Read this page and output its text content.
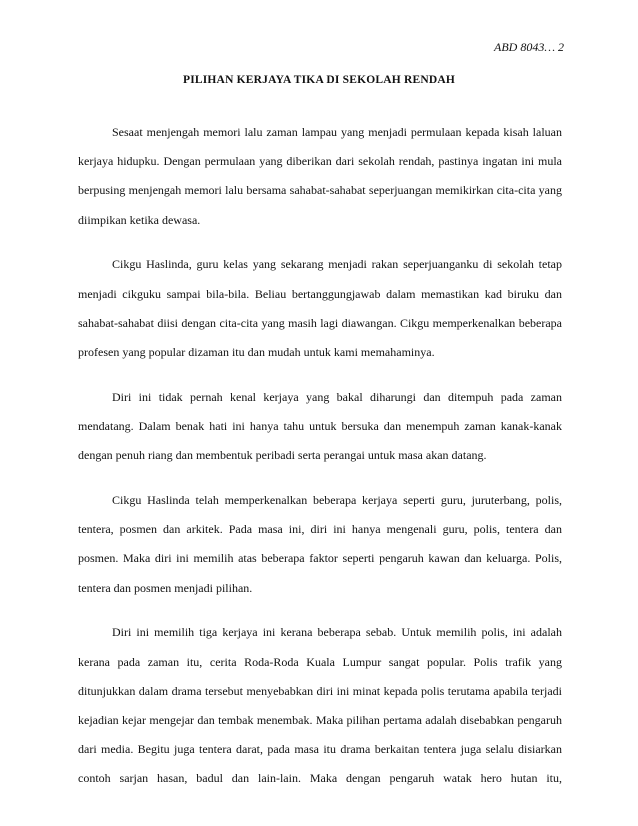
ABD 8043… 2
PILIHAN KERJAYA TIKA DI SEKOLAH RENDAH

Sesaat menjengah memori lalu zaman lampau yang menjadi permulaan kepada kisah laluan kerjaya hidupku. Dengan permulaan yang diberikan dari sekolah rendah, pastinya ingatan ini mula berpusing menjengah memori lalu bersama sahabat-sahabat seperjuangan memikirkan cita-cita yang diimpikan ketika dewasa.

Cikgu Haslinda, guru kelas yang sekarang menjadi rakan seperjuanganku di sekolah tetap menjadi cikguku sampai bila-bila. Beliau bertanggungjawab dalam memastikan kad biruku dan sahabat-sahabat diisi dengan cita-cita yang masih lagi diawangan. Cikgu memperkenalkan beberapa profesen yang popular dizaman itu dan mudah untuk kami memahaminya.

Diri ini tidak pernah kenal kerjaya yang bakal diharungi dan ditempuh pada zaman mendatang. Dalam benak hati ini hanya tahu untuk bersuka dan menempuh zaman kanak-kanak dengan penuh riang dan membentuk peribadi serta perangai untuk masa akan datang.

Cikgu Haslinda telah memperkenalkan beberapa kerjaya seperti guru, juruterbang, polis, tentera, posmen dan arkitek. Pada masa ini, diri ini hanya mengenali guru, polis, tentera dan posmen. Maka diri ini memilih atas beberapa faktor seperti pengaruh kawan dan keluarga. Polis, tentera dan posmen menjadi pilihan.

Diri ini memilih tiga kerjaya ini kerana beberapa sebab. Untuk memilih polis, ini adalah kerana pada zaman itu, cerita Roda-Roda Kuala Lumpur sangat popular. Polis trafik yang ditunjukkan dalam drama tersebut menyebabkan diri ini minat kepada polis terutama apabila terjadi kejadian kejar mengejar dan tembak menembak. Maka pilihan pertama adalah disebabkan pengaruh dari media. Begitu juga tentera darat, pada masa itu drama berkaitan tentera juga selalu disiarkan contoh sarjan hasan, badul dan lain-lain. Maka dengan pengaruh watak hero hutan itu,
